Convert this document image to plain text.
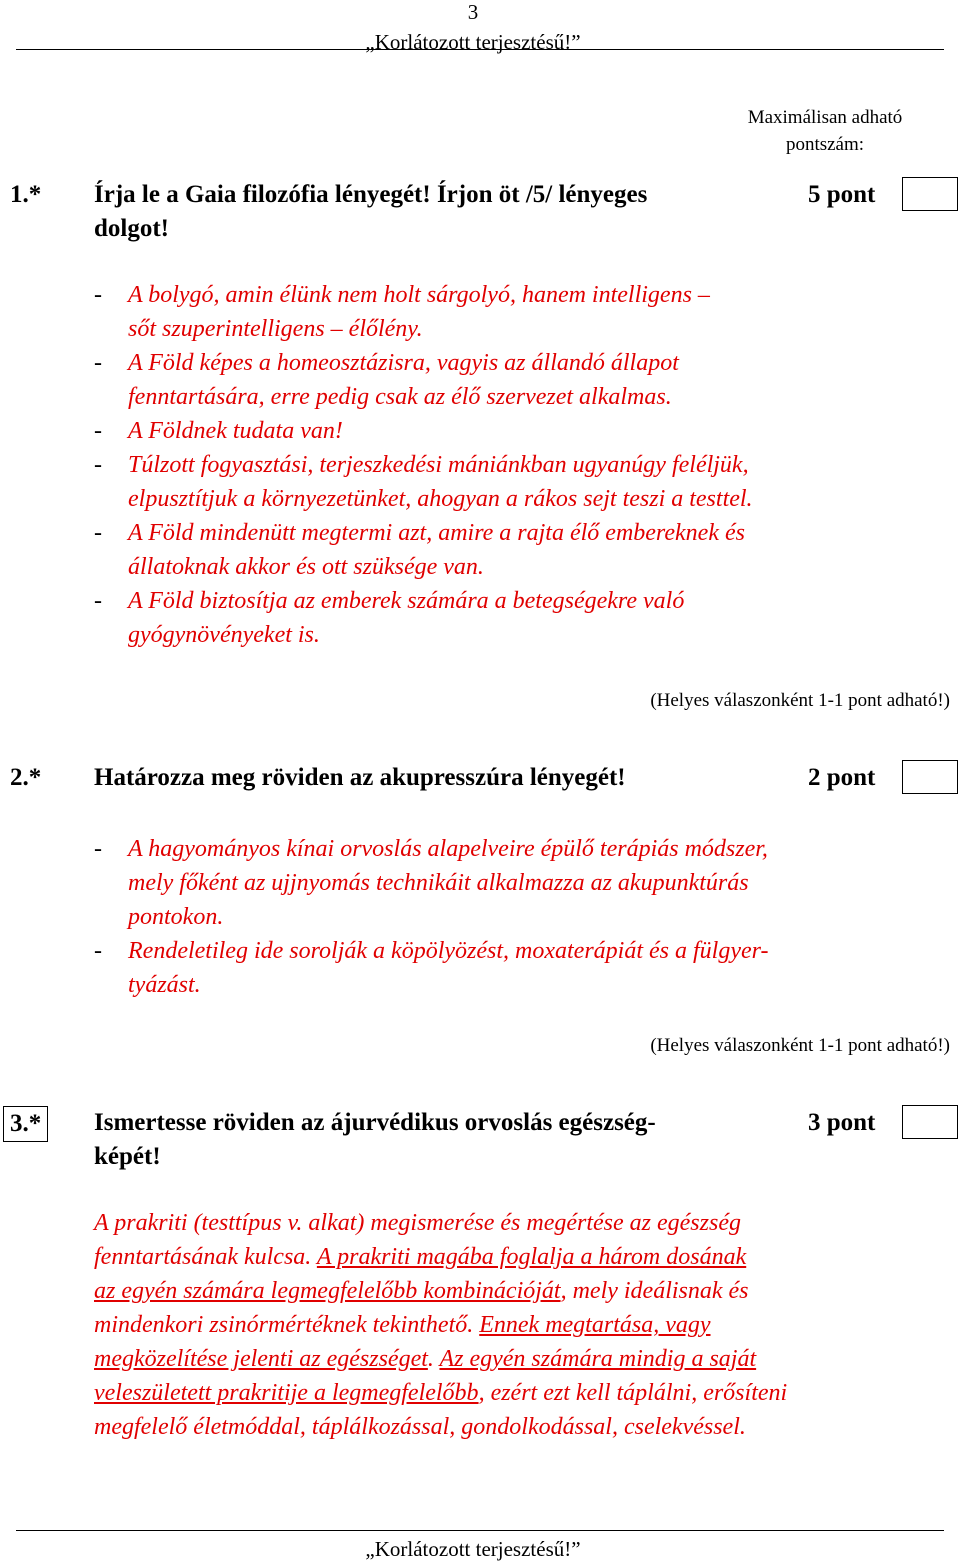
3
„Korlátozott terjesztésű!”
Maximálisan adható
pontszám:
1.* Írja le a Gaia filozófia lényegét! Írjon öt /5/ lényeges
dolgot!
5 pont
- A bolygó, amin élünk nem holt sárgolyó, hanem intelligens –
sőt szuperintelligens – élőlény.
- A Föld képes a homeosztázisra, vagyis az állandó állapot
fenntartására, erre pedig csak az élő szervezet alkalmas.
- A Földnek tudata van!
- Túlzott fogyasztási, terjeszkedési mániánkban ugyanúgy feléljük,
elpusztítjuk a környezetünket, ahogyan a rákos sejt teszi a testtel.
- A Föld mindenütt megtermi azt, amire a rajta élő embereknek és
állatoknak akkor és ott szüksége van.
- A Föld biztosítja az emberek számára a betegségekre való
gyógynövényeket is.
(Helyes válaszonként 1-1 pont adható!)
2.* Határozza meg röviden az akupresszúra lényegét!	2 pont
- A hagyományos kínai orvoslás alapelveire épülő terápiás módszer,
mely főként az ujjnyomás technikáit alkalmazza az akupunktúrás
pontokon.
- Rendeletileg ide sorolják a köpölyözést, moxaterápiát és a fülgyer-
tyázást.
(Helyes válaszonként 1-1 pont adható!)
3.* Ismertesse röviden az ájurvédikus orvoslás egészség-
képét!
3 pont
A prakriti (testtípus v. alkat) megismerése és megértése az egészség
fenntartásának kulcsa. A prakriti magába foglalja a három dosának
az egyén számára legmegfelelőbb kombinációját, mely ideálisnak és
mindenkori zsinórmértéknek tekinthető. Ennek megtartása, vagy
megközelítése jelenti az egészséget. Az egyén számára mindig a saját
veleszületett prakritije a legmegfelelőbb, ezért ezt kell táplálni, erősíteni
megfelelő életmóddal, táplálkozással, gondolkodással, cselekvéssel.
„Korlátozott terjesztésű!”
